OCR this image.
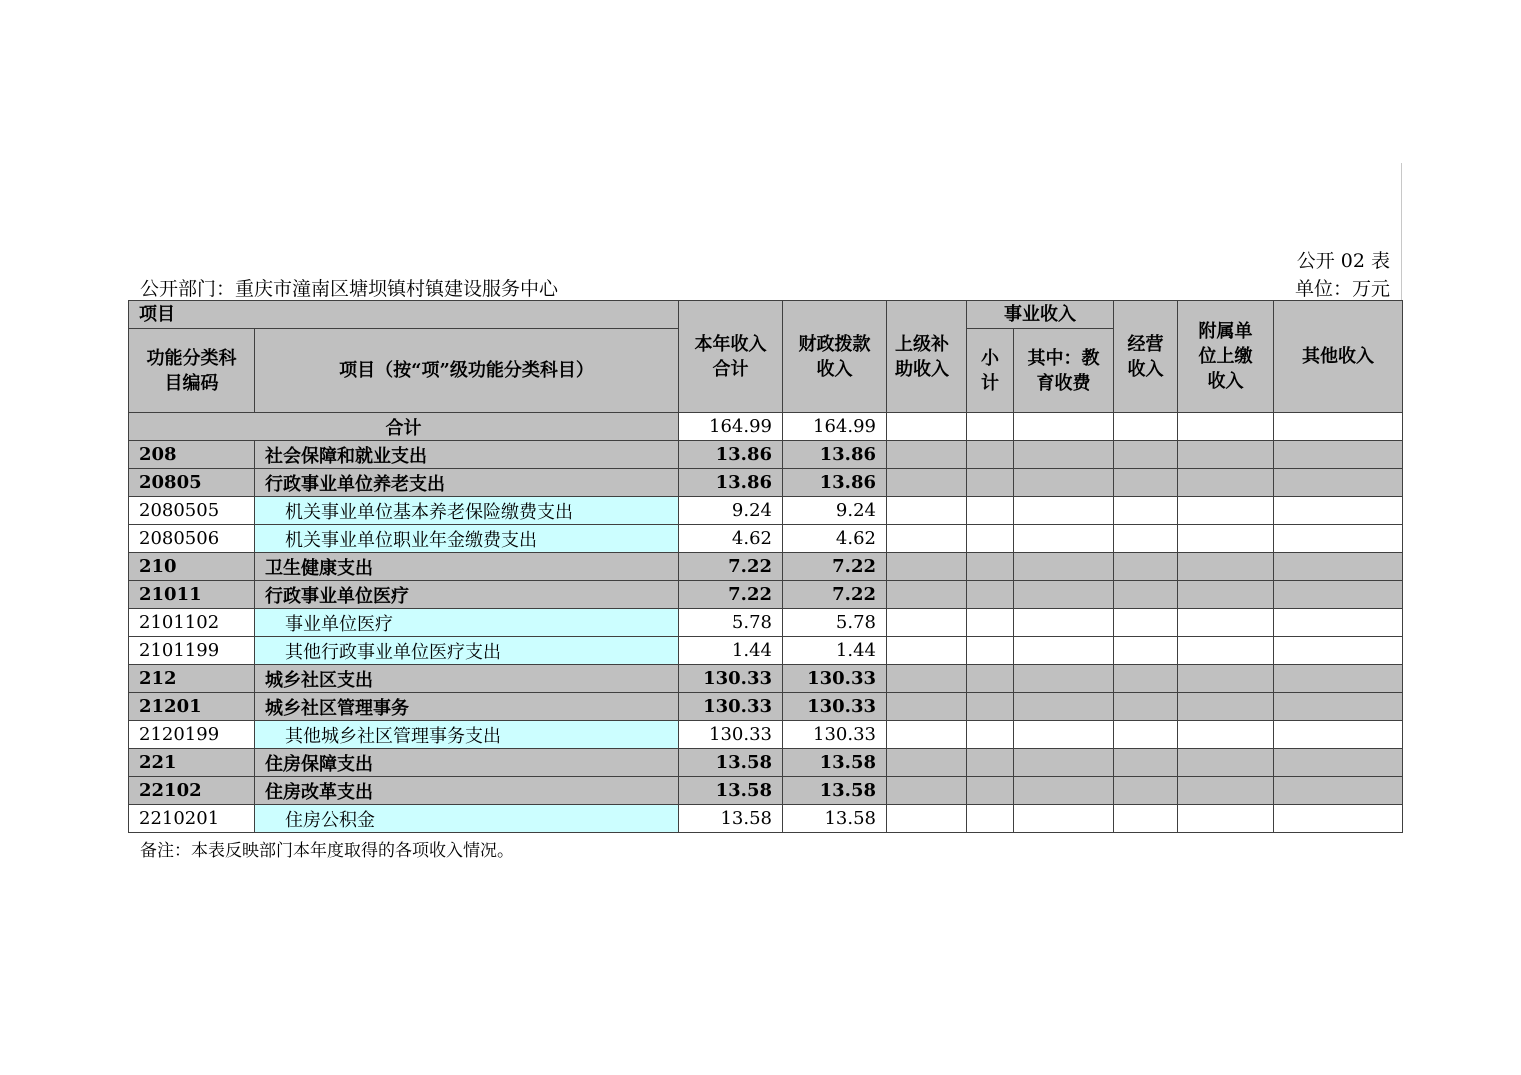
公开 02 表
公开部门：重庆市潼南区塘坝镇村镇建设服务中心	单位：万元
项目		本年收入合计	财政拨款收入	上级补助收入	事业收入		经营收入	附属单位上缴收入	其他收入
功能分类科目编码	项目（按“项”级功能分类科目）				小计	其中：教育收费			
合计		164.99	164.99						
208	社会保障和就业支出	13.86	13.86						
20805	行政事业单位养老支出	13.86	13.86						
2080505	机关事业单位基本养老保险缴费支出	9.24	9.24						
2080506	机关事业单位职业年金缴费支出	4.62	4.62						
210	卫生健康支出	7.22	7.22						
21011	行政事业单位医疗	7.22	7.22						
2101102	事业单位医疗	5.78	5.78						
2101199	其他行政事业单位医疗支出	1.44	1.44						
212	城乡社区支出	130.33	130.33						
21201	城乡社区管理事务	130.33	130.33						
2120199	其他城乡社区管理事务支出	130.33	130.33						
221	住房保障支出	13.58	13.58						
22102	住房改革支出	13.58	13.58						
2210201	住房公积金	13.58	13.58						
备注：本表反映部门本年度取得的各项收入情况。
